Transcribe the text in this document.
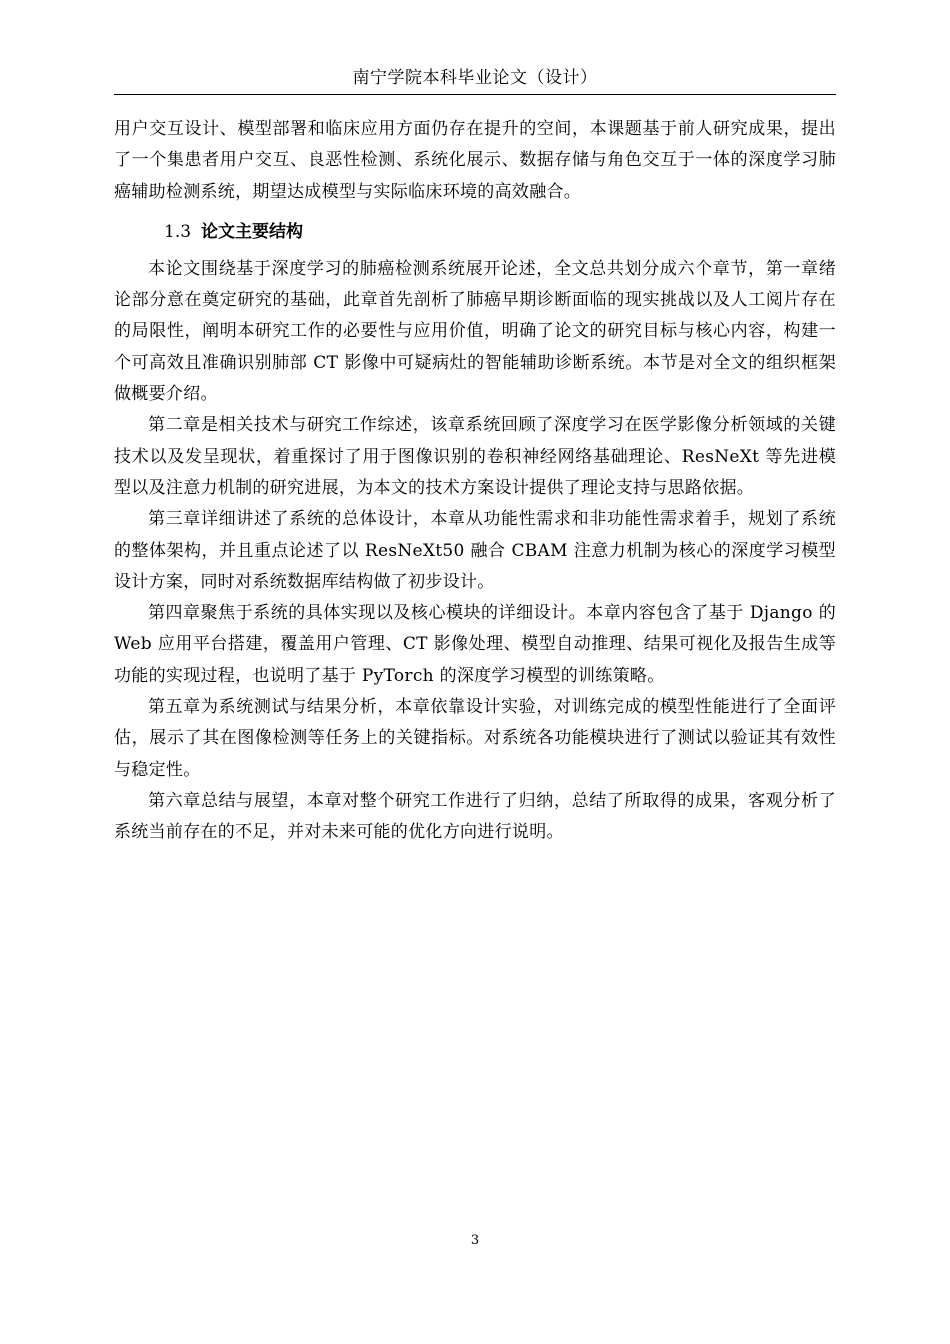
南宁学院本科毕业论文（设计）

用户交互设计、模型部署和临床应用方面仍存在提升的空间，本课题基于前人研究成果，提出了一个集患者用户交互、良恶性检测、系统化展示、数据存储与角色交互于一体的深度学习肺癌辅助检测系统，期望达成模型与实际临床环境的高效融合。

1.3 论文主要结构

本论文围绕基于深度学习的肺癌检测系统展开论述，全文总共划分成六个章节，第一章绪论部分意在奠定研究的基础，此章首先剖析了肺癌早期诊断面临的现实挑战以及人工阅片存在的局限性，阐明本研究工作的必要性与应用价值，明确了论文的研究目标与核心内容，构建一个可高效且准确识别肺部 CT 影像中可疑病灶的智能辅助诊断系统。本节是对全文的组织框架做概要介绍。

第二章是相关技术与研究工作综述，该章系统回顾了深度学习在医学影像分析领域的关键技术以及发呈现状，着重探讨了用于图像识别的卷积神经网络基础理论、ResNeXt 等先进模型以及注意力机制的研究进展，为本文的技术方案设计提供了理论支持与思路依据。

第三章详细讲述了系统的总体设计，本章从功能性需求和非功能性需求着手，规划了系统的整体架构，并且重点论述了以 ResNeXt50 融合 CBAM 注意力机制为核心的深度学习模型设计方案，同时对系统数据库结构做了初步设计。

第四章聚焦于系统的具体实现以及核心模块的详细设计。本章内容包含了基于 Django 的 Web 应用平台搭建，覆盖用户管理、CT 影像处理、模型自动推理、结果可视化及报告生成等功能的实现过程，也说明了基于 PyTorch 的深度学习模型的训练策略。

第五章为系统测试与结果分析，本章依靠设计实验，对训练完成的模型性能进行了全面评估，展示了其在图像检测等任务上的关键指标。对系统各功能模块进行了测试以验证其有效性与稳定性。

第六章总结与展望，本章对整个研究工作进行了归纳，总结了所取得的成果，客观分析了系统当前存在的不足，并对未来可能的优化方向进行说明。

3
